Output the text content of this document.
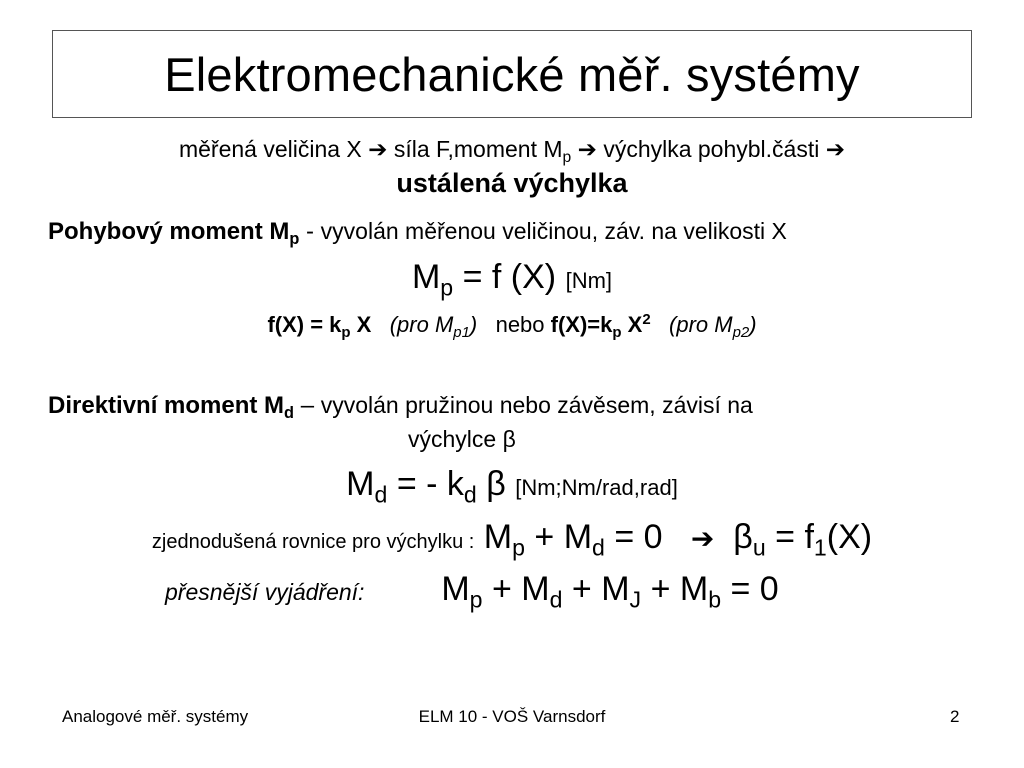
Elektromechanické měř. systémy
měřená veličina X ➔ síla F,moment $M_p$ ➔ výchylka pohybl.části ➔
ustálená výchylka
Pohybový moment $M_p$ - vyvolán měřenou veličinou, záv. na velikosti X
$M_p = f$ (X) [Nm]
$f(X) = k_p$ X (pro $M_{p1}$) nebo $f(X)=k_p$ $X^2$ (pro $M_{p2}$)
Direktivní moment $M_d$ – vyvolán pružinou nebo závěsem, závisí na
výchylce β
$M_d$ = - $k_d$ β [Nm;Nm/rad,rad]
zjednodušená rovnice pro výchylku : $M_p + M_d = 0$ ➔ $\beta_u = f_1(X)$
přesnější vyjádření: $M_p + M_d + M_J + M_b = 0$
Analogové měř. systémy	ELM 10 - VOŠ Varnsdorf	2
